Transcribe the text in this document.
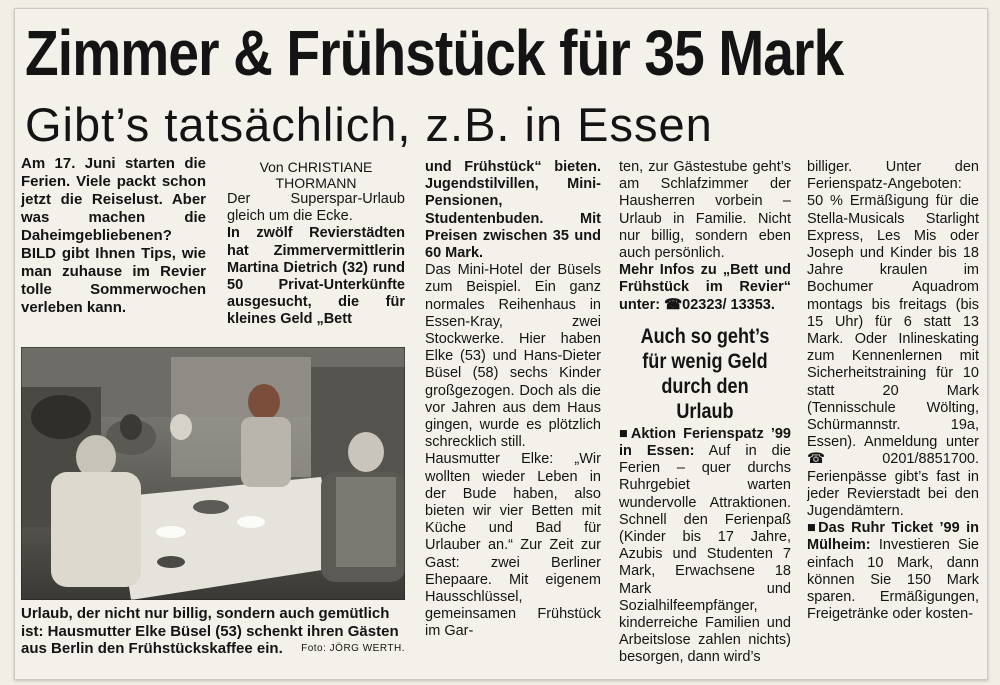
Zimmer & Frühstück für 35 Mark
Gibt’s tatsächlich, z.B. in Essen

Am 17. Juni starten die Ferien. Viele packt schon jetzt die Reiselust. Aber was machen die Daheimgebliebenen? BILD gibt Ihnen Tips, wie man zuhause im Revier tolle Sommerwochen verleben kann.

Von CHRISTIANE THORMANN

Der Superspar-Urlaub gleich um die Ecke.

In zwölf Revierstädten hat Zimmervermittlerin Martina Dietrich (32) rund 50 Privat-Unterkünfte ausgesucht, die für kleines Geld „Bett

Urlaub, der nicht nur billig, sondern auch gemütlich ist: Hausmutter Elke Büsel (53) schenkt ihren Gästen aus Berlin den Frühstückskaffee ein. Foto: JÖRG WERTH.

und Frühstück“ bieten. Jugendstilvillen, Mini-Pensionen, Studentenbuden. Mit Preisen zwischen 35 und 60 Mark.

Das Mini-Hotel der Büsels zum Beispiel. Ein ganz normales Reihenhaus in Essen-Kray, zwei Stockwerke. Hier haben Elke (53) und Hans-Dieter Büsel (58) sechs Kinder großgezogen. Doch als die vor Jahren aus dem Haus gingen, wurde es plötzlich schrecklich still.

Hausmutter Elke: „Wir wollten wieder Leben in der Bude haben, also bieten wir vier Betten mit Küche und Bad für Urlauber an.“ Zur Zeit zur Gast: zwei Berliner Ehepaare. Mit eigenem Hausschlüssel, gemeinsamen Frühstück im Gar-

ten, zur Gästestube geht’s am Schlafzimmer der Hausherren vorbein – Urlaub in Familie. Nicht nur billig, sondern eben auch persönlich.

Mehr Infos zu „Bett und Frühstück im Revier“ unter: ☎02323/ 13353.

Auch so geht’s für wenig Geld durch den Urlaub

■Aktion Ferienspatz ’99 in Essen: Auf in die Ferien – quer durchs Ruhrgebiet warten wundervolle Attraktionen. Schnell den Ferienpaß (Kinder bis 17 Jahre, Azubis und Studenten 7 Mark, Erwachsene 18 Mark und Sozialhilfeempfänger, kinderreiche Familien und Arbeitslose zahlen nichts) besorgen, dann wird’s

billiger. Unter den Ferienspatz-Angeboten: 50 % Ermäßigung für die Stella-Musicals Starlight Express, Les Mis oder Joseph und Kinder bis 18 Jahre kraulen im Bochumer Aquadrom montags bis freitags (bis 15 Uhr) für 6 statt 13 Mark. Oder Inlineskating zum Kennenlernen mit Sicherheitstraining für 10 statt 20 Mark (Tennisschule Wölting, Schürmannstr. 19a, Essen). Anmeldung unter ☎0201/8851700. Ferienpässe gibt’s fast in jeder Revierstadt bei den Jugendämtern.

■Das Ruhr Ticket ’99 in Mülheim: Investieren Sie einfach 10 Mark, dann können Sie 150 Mark sparen. Ermäßigungen, Freigetränke oder kosten-
